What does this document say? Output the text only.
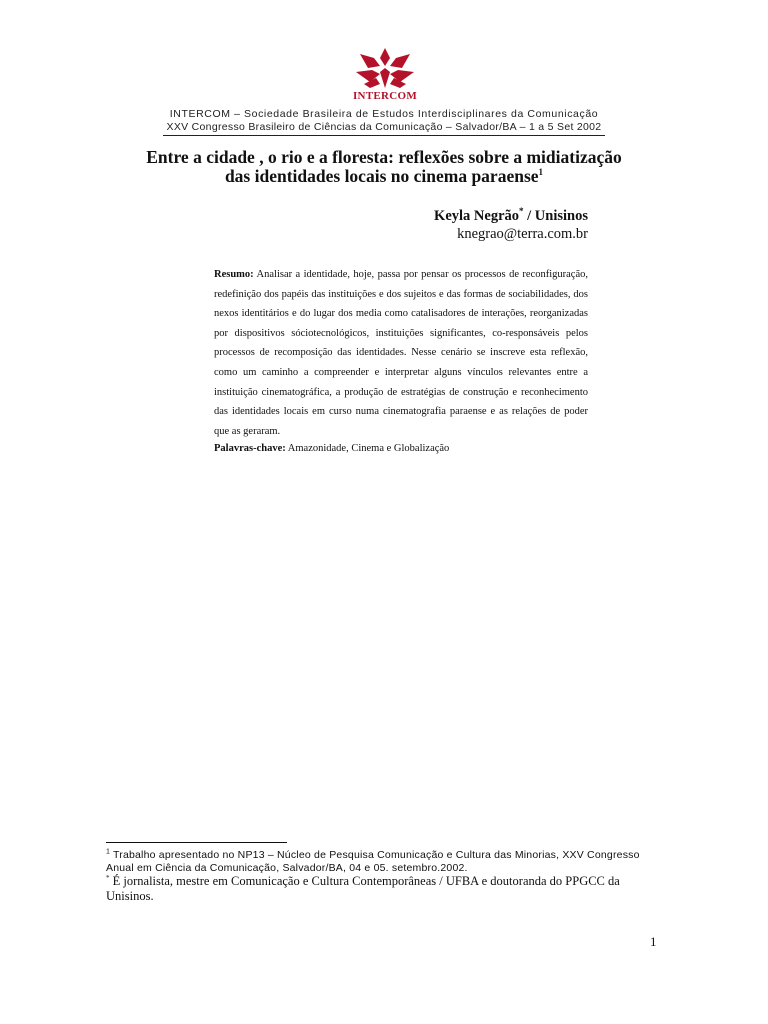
INTERCOM
INTERCOM – Sociedade Brasileira de Estudos Interdisciplinares da Comunicação
XXV Congresso Brasileiro de Ciências da Comunicação – Salvador/BA – 1 a 5 Set 2002
Entre a cidade , o rio e a floresta: reflexões sobre a midiatização
das identidades locais no cinema paraense$^1$
Keyla Negrão* / Unisinos
knegrao@terra.com.br
Resumo: Analisar a identidade, hoje, passa por pensar os processos de reconfiguração, redefinição dos papéis das instituições e dos sujeitos e das formas de sociabilidades, dos nexos identitários e do lugar dos media como catalisadores de interações, reorganizadas por dispositivos sóciotecnológicos, instituições significantes, co-responsáveis pelos processos de recomposição das identidades. Nesse cenário se inscreve esta reflexão, como um caminho a compreender e interpretar alguns vínculos relevantes entre a instituição cinematográfica, a produção de estratégias de construção e reconhecimento das identidades locais em curso numa cinematografia paraense e as relações de poder que as geraram.
Palavras-chave: Amazonidade, Cinema e Globalização
$^1$ Trabalho apresentado no NP13 – Núcleo de Pesquisa Comunicação e Cultura das Minorias, XXV Congresso Anual em Ciência da Comunicação, Salvador/BA, 04 e 05. setembro.2002.
* É jornalista, mestre em Comunicação e Cultura Contemporâneas / UFBA e doutoranda do PPGCC da Unisinos.
1
